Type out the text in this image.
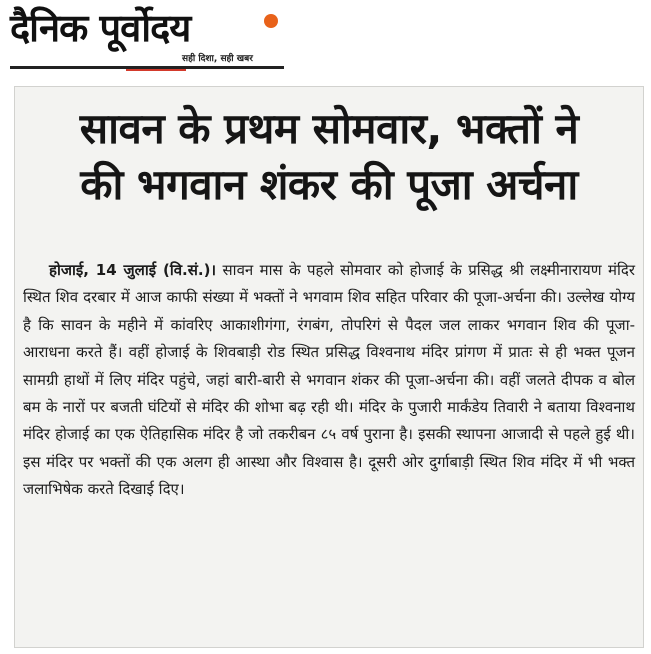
दैनिक पूर्वोदय
सही दिशा, सही खबर
सावन के प्रथम सोमवार, भक्तों ने
की भगवान शंकर की पूजा अर्चना

होजाई, 14 जुलाई (वि.सं.)। सावन मास के पहले सोमवार को होजाई के प्रसिद्ध श्री लक्ष्मीनारायण मंदिर स्थित शिव दरबार में आज काफी संख्या में भक्तों ने भगवाम शिव सहित परिवार की पूजा-अर्चना की। उल्लेख योग्य है कि सावन के महीने में कांवरिए आकाशीगंगा, रंगबंग, तोपरिगं से पैदल जल लाकर भगवान शिव की पूजा-आराधना करते हैं। वहीं होजाई के शिवबाड़ी रोड स्थित प्रसिद्ध विश्वनाथ मंदिर प्रांगण में प्रातः से ही भक्त पूजन सामग्री हाथों में लिए मंदिर पहुंचे, जहां बारी-बारी से भगवान शंकर की पूजा-अर्चना की। वहीं जलते दीपक व बोल बम के नारों पर बजती घंटियों से मंदिर की शोभा बढ़ रही थी। मंदिर के पुजारी मार्कंडेय तिवारी ने बताया विश्वनाथ मंदिर होजाई का एक ऐतिहासिक मंदिर है जो तकरीबन ८५ वर्ष पुराना है। इसकी स्थापना आजादी से पहले हुई थी। इस मंदिर पर भक्तों की एक अलग ही आस्था और विश्वास है। दूसरी ओर दुर्गाबाड़ी स्थित शिव मंदिर में भी भक्त जलाभिषेक करते दिखाई दिए।
